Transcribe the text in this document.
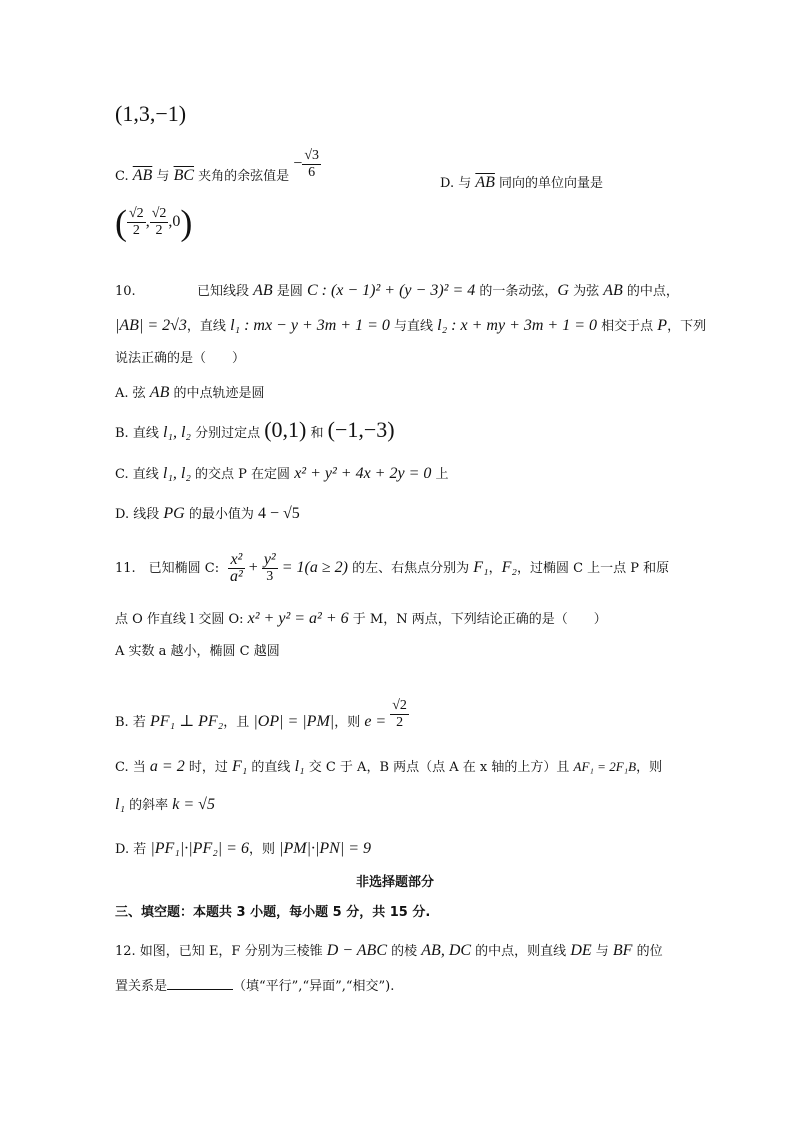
(1,3,−1)
C. $\overline{AB}$ 与 $\overline{BC}$ 夹角的余弦值是 − $\frac{√3}{6}$
D. 与 $\overline{AB}$ 同向的单位向量是
( $\frac{√2}{2}$ , $\frac{√2}{2} ,0$)
10.	已知线段 AB 是圆 C : (x − 1)² + (y − 3)² = 4 的一条动弦，G 为弦 AB 的中点，
|AB| = 2√3，直线 l₁ : mx − y + 3m + 1 = 0 与直线 l₂ : x + my + 3m + 1 = 0 相交于点 P，下列
说法正确的是（　　）
A. 弦 AB 的中点轨迹是圆
B. 直线 l₁, l₂ 分别过定点 (0,1) 和 (−1,−3)
C. 直线 l₁, l₂ 的交点 P 在定圆 x² + y² + 4x + 2y = 0 上
D. 线段 PG 的最小值为 4 − √5
11.　已知椭圆 C: $\frac{\text{x²}}{\text{a²}} + \frac{\text{y²}}{3} = 1(a \ge 2)$ 的左、右焦点分别为 F₁，F₂，过椭圆 C 上一点 P 和原
点 O 作直线 l 交圆 O: x² + y² = a² + 6 于 M，N 两点，下列结论正确的是（　　）
A 实数 a 越小，椭圆 C 越圆
B. 若 PF₁ ⊥ PF₂，且 |OP| = |PM|，则 $e = \frac{√2}{2}$
C. 当 a = 2 时，过 F₁ 的直线 l₁ 交 C 于 A，B 两点（点 A 在 x 轴的上方）且 AF₁ = 2F₁B，则
l₁ 的斜率 k = √5
D. 若 |PF₁|·|PF₂| = 6，则 |PM|·|PN| = 9
非选择题部分
三、填空题：本题共 3 小题，每小题 5 分，共 15 分.
12. 如图，已知 E，F 分别为三棱锥 D − ABC 的棱 AB, DC 的中点，则直线 DE 与 BF 的位
置关系是	（填“平行”,“异面”,“相交”).
